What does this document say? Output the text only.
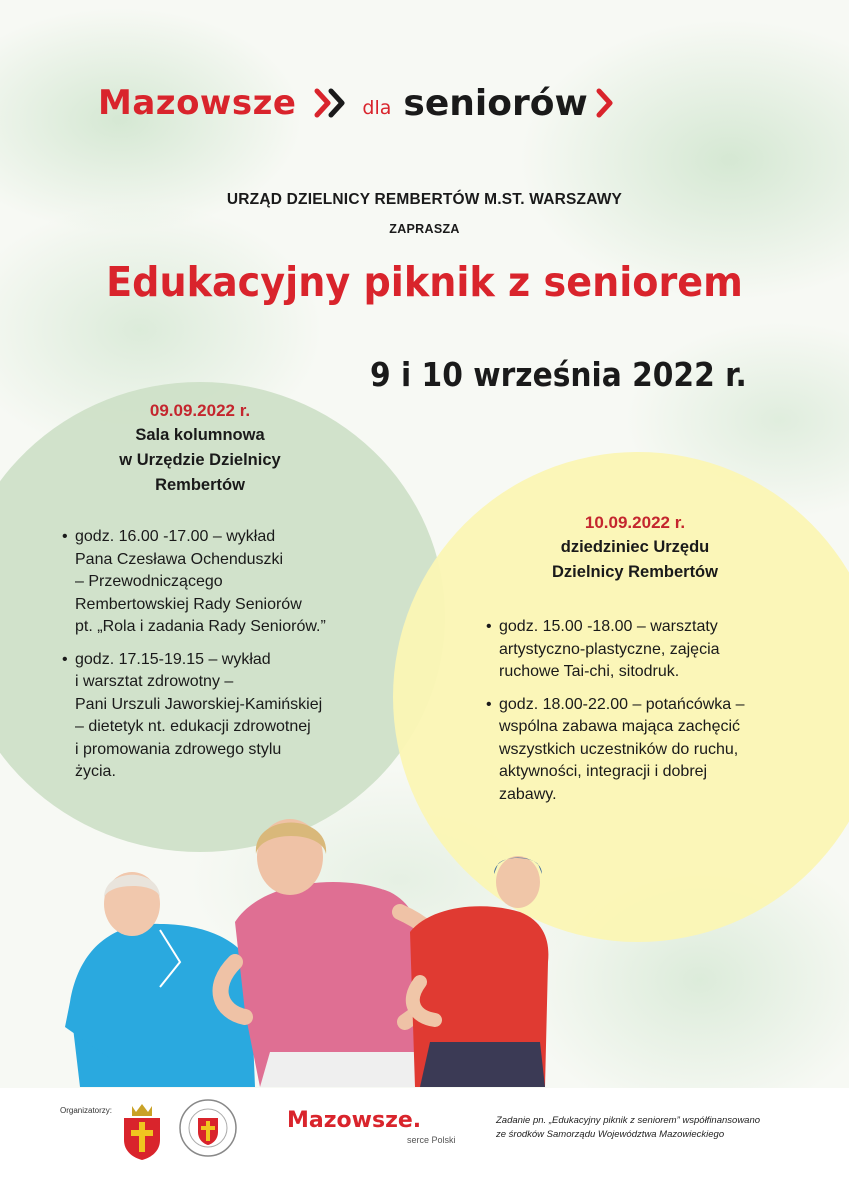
Mazowsze	dla seniorów
URZĄD DZIELNICY REMBERTÓW M.ST. WARSZAWY
ZAPRASZA
Edukacyjny piknik z seniorem
9 i 10 września 2022 r.
09.09.2022 r.
Sala kolumnowa
w Urzędzie Dzielnicy
Rembertów
• godz. 16.00 -17.00 – wykład
Pana Czesława Ochenduszki
– Przewodniczącego
Rembertowskiej Rady Seniorów
pt. „Rola i zadania Rady Seniorów.”
• godz. 17.15-19.15 – wykład
i warsztat zdrowotny –
Pani Urszuli Jaworskiej-Kamińskiej
– dietetyk nt. edukacji zdrowotnej
i promowania zdrowego stylu
życia.
10.09.2022 r.
dziedziniec Urzędu
Dzielnicy Rembertów
• godz. 15.00 -18.00 – warsztaty
artystyczno-plastyczne, zajęcia
ruchowe Tai-chi, sitodruk.
• godz. 18.00-22.00 – potańcówka –
wspólna zabawa mająca zachęcić
wszystkich uczestników do ruchu,
aktywności, integracji i dobrej
zabawy.
Organizatorzy:	Mazowsze.
serce Polski
Zadanie pn. „Edukacyjny piknik z seniorem” współfinansowano
ze środków Samorządu Województwa Mazowieckiego
